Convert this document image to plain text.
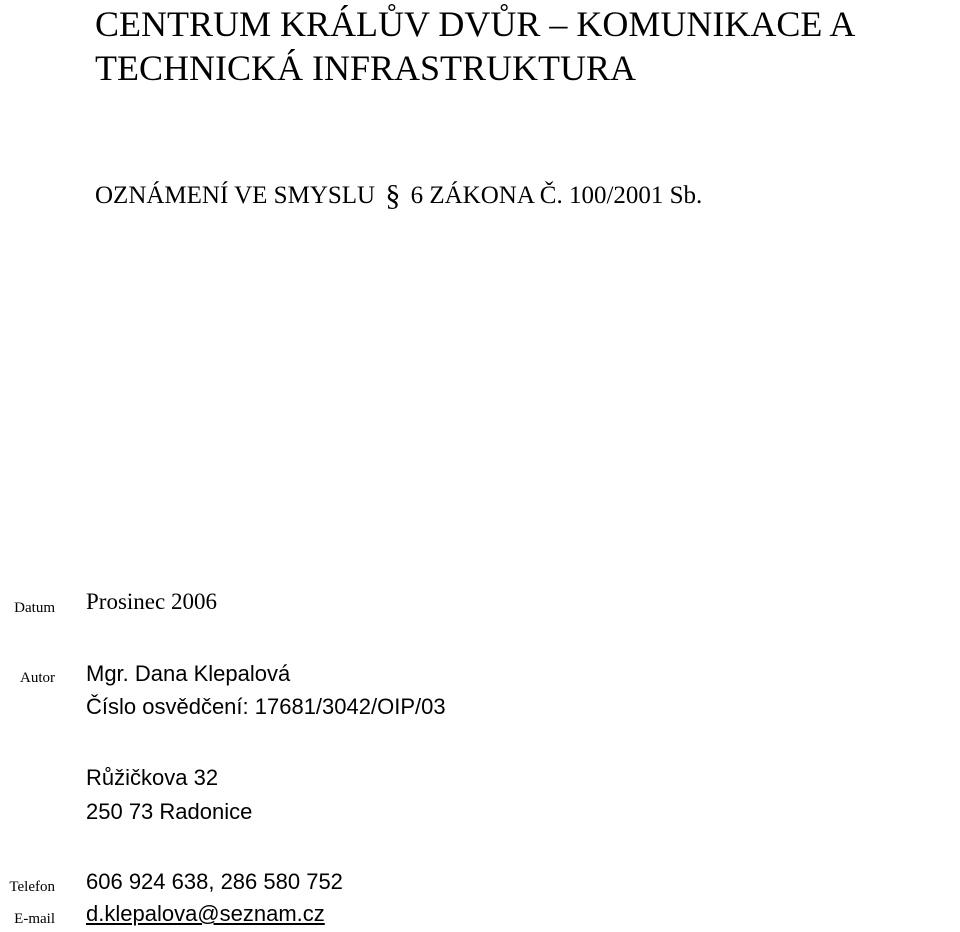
CENTRUM KRÁLŮV DVŮR – KOMUNIKACE A
TECHNICKÁ INFRASTRUKTURA
OZNÁMENÍ VE SMYSLU § 6 ZÁKONA Č. 100/2001 Sb.
Datum Prosinec 2006
Autor Mgr. Dana Klepalová
Číslo osvědčení: 17681/3042/OIP/03
Růžičkova 32
250 73 Radonice
Telefon 606 924 638, 286 580 752
E-mail d.klepalova@seznam.cz
